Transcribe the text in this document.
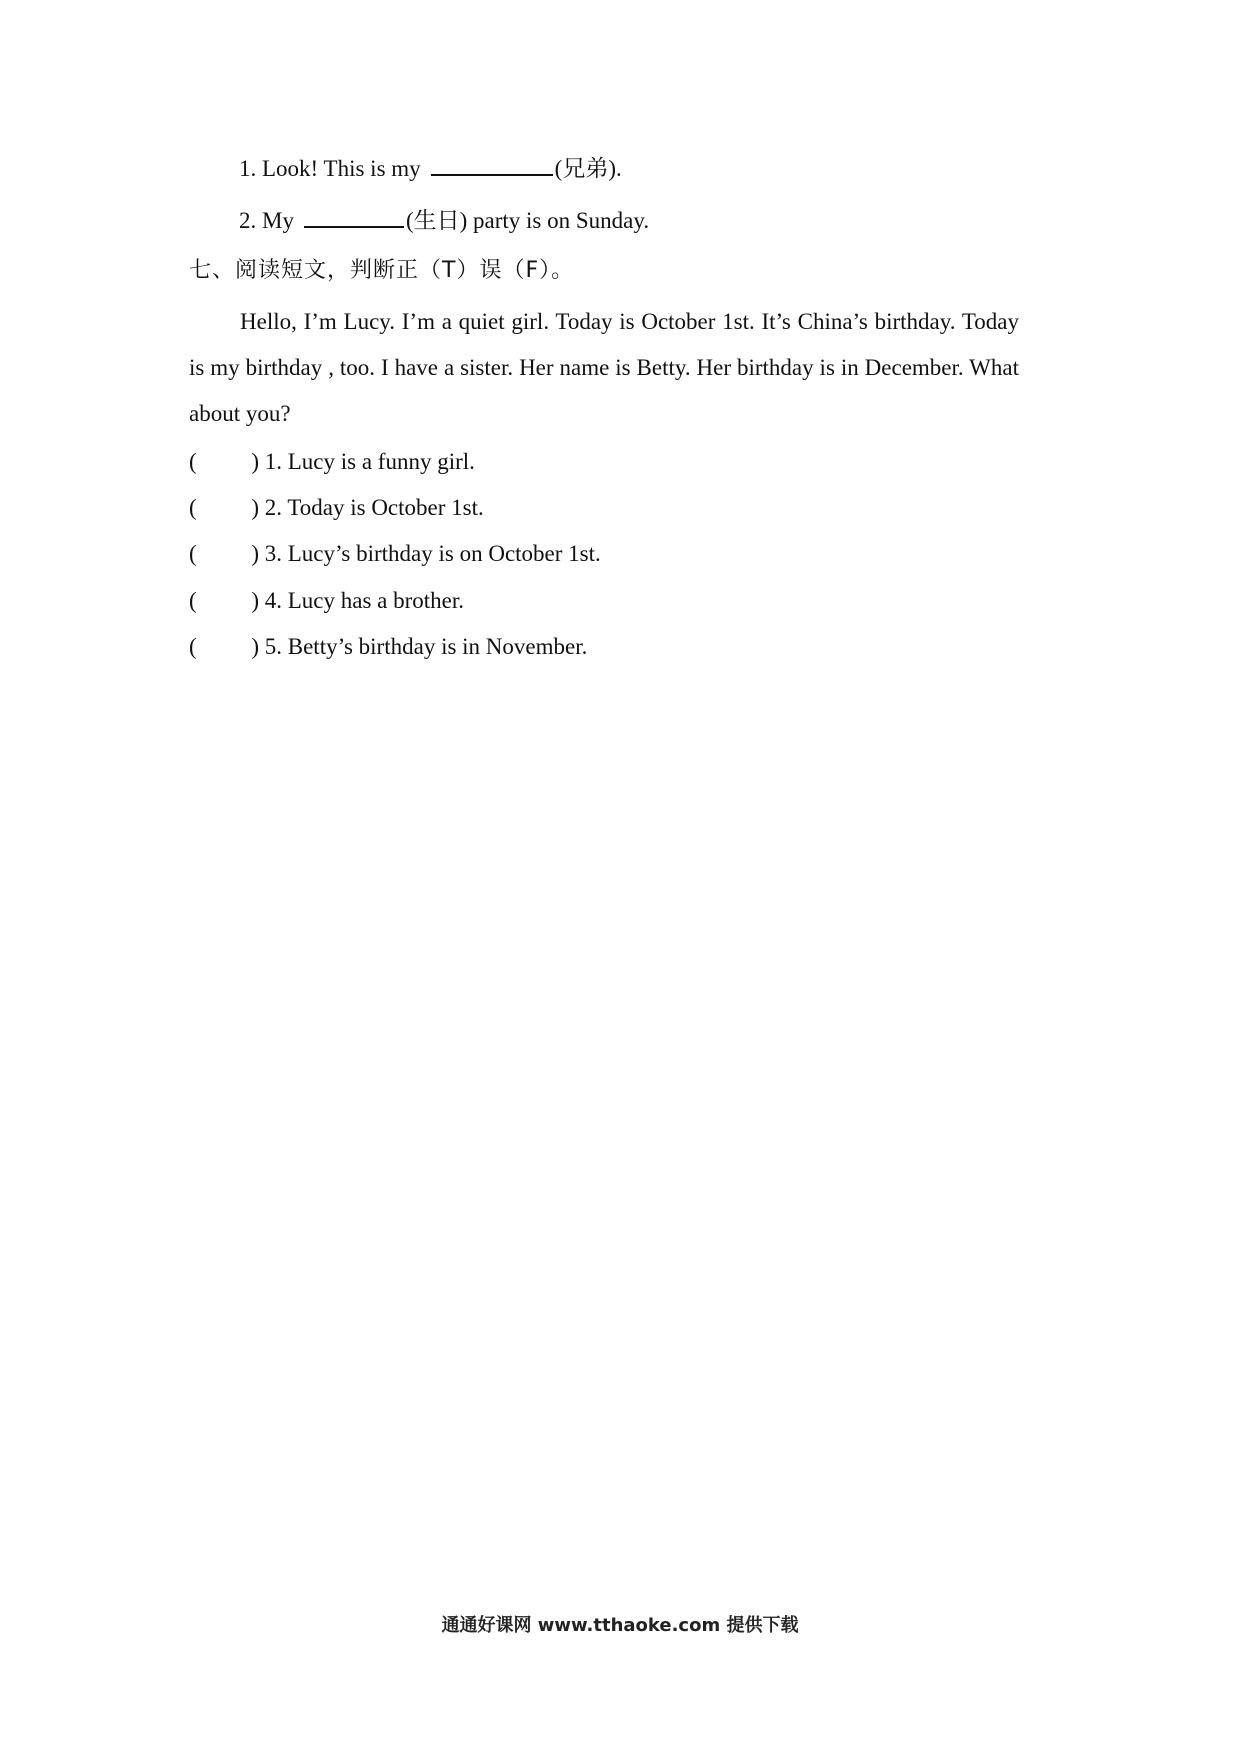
1. Look! This is my	(兄弟).
2. My	(生日) party is on Sunday.
七、阅读短文，判断正（T）误（F）。
Hello, I’m Lucy. I’m a quiet girl. Today is October 1st. It’s China’s birthday. Today is my birthday , too. I have a sister. Her name is Betty. Her birthday is in December. What about you?
( ) 1. Lucy is a funny girl.
( ) 2. Today is October 1st.
( ) 3. Lucy’s birthday is on October 1st.
( ) 4. Lucy has a brother.
( ) 5. Betty’s birthday is in November.
通通好课网 www.tthaoke.com 提供下载
